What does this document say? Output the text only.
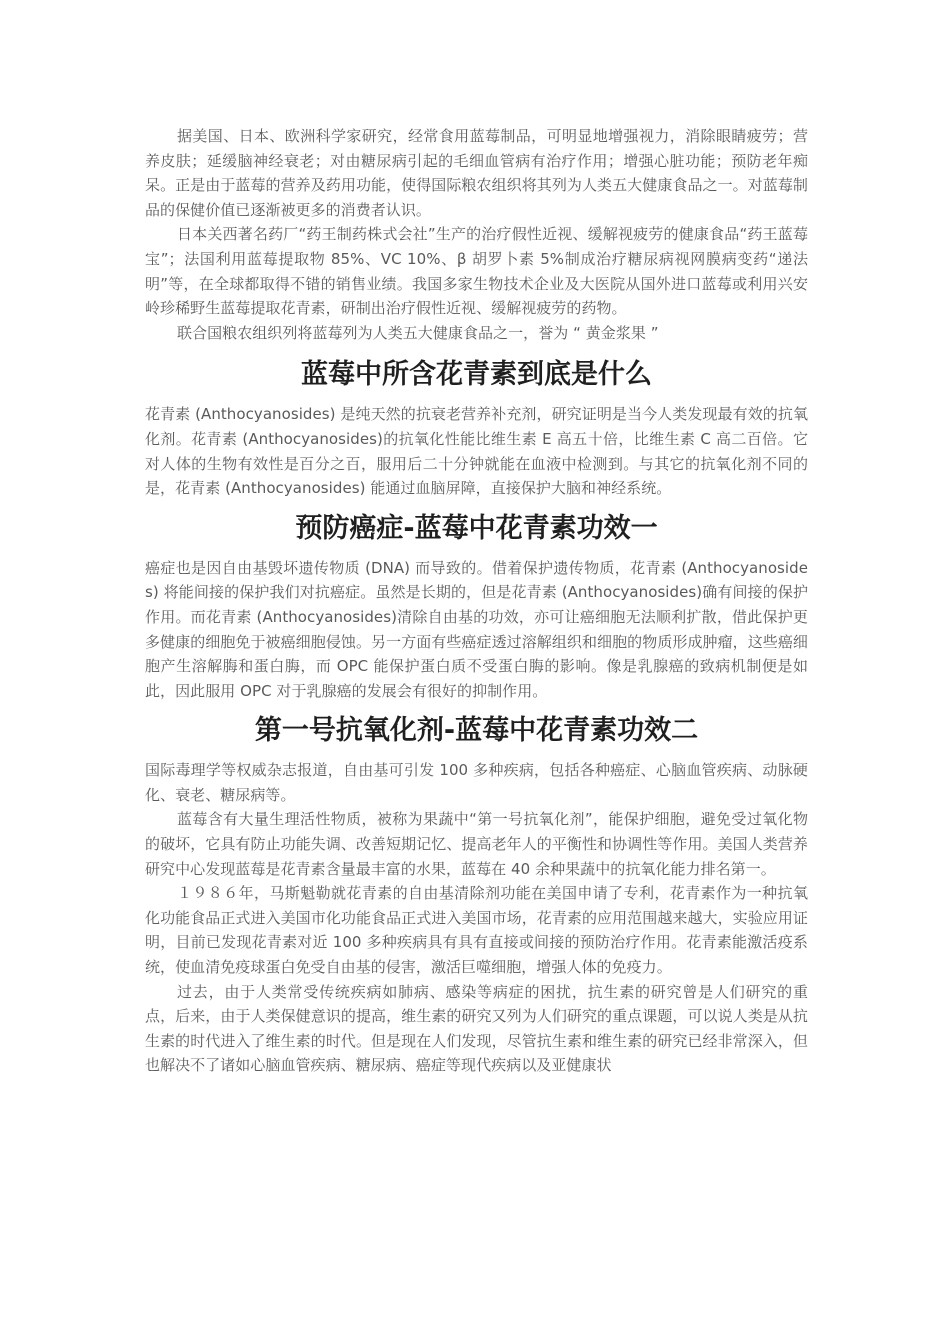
据美国、日本、欧洲科学家研究，经常食用蓝莓制品，可明显地增强视力，消除眼睛疲劳；营养皮肤；延缓脑神经衰老；对由糖尿病引起的毛细血管病有治疗作用；增强心脏功能；预防老年痴呆。正是由于蓝莓的营养及药用功能，使得国际粮农组织将其列为人类五大健康食品之一。对蓝莓制品的保健价值已逐渐被更多的消费者认识。

日本关西著名药厂“药王制药株式会社”生产的治疗假性近视、缓解视疲劳的健康食品“药王蓝莓宝”；法国利用蓝莓提取物 85%、VC 10%、β 胡罗卜素 5%制成治疗糖尿病视网膜病变药“递法明”等，在全球都取得不错的销售业绩。我国多家生物技术企业及大医院从国外进口蓝莓或利用兴安岭珍稀野生蓝莓提取花青素，研制出治疗假性近视、缓解视疲劳的药物。

联合国粮农组织列将蓝莓列为人类五大健康食品之一，誉为 “ 黄金浆果 ”

蓝莓中所含花青素到底是什么

花青素 (Anthocyanosides) 是纯天然的抗衰老营养补充剂，研究证明是当今人类发现最有效的抗氧化剂。花青素 (Anthocyanosides)的抗氧化性能比维生素 E 高五十倍，比维生素 C 高二百倍。它对人体的生物有效性是百分之百，服用后二十分钟就能在血液中检测到。与其它的抗氧化剂不同的是，花青素 (Anthocyanosides) 能通过血脑屏障，直接保护大脑和神经系统。

预防癌症-蓝莓中花青素功效一

癌症也是因自由基毁坏遗传物质 (DNA) 而导致的。借着保护遗传物质，花青素 (Anthocyanosides) 将能间接的保护我们对抗癌症。虽然是长期的，但是花青素 (Anthocyanosides)确有间接的保护作用。而花青素 (Anthocyanosides)清除自由基的功效，亦可让癌细胞无法顺利扩散，借此保护更多健康的细胞免于被癌细胞侵蚀。另一方面有些癌症透过溶解组织和细胞的物质形成肿瘤，这些癌细胞产生溶解脢和蛋白脢，而 OPC 能保护蛋白质不受蛋白脢的影响。像是乳腺癌的致病机制便是如此，因此服用 OPC 对于乳腺癌的发展会有很好的抑制作用。

第一号抗氧化剂-蓝莓中花青素功效二

国际毒理学等权威杂志报道，自由基可引发 100 多种疾病，包括各种癌症、心脑血管疾病、动脉硬化、衰老、糖尿病等。

蓝莓含有大量生理活性物质，被称为果蔬中“第一号抗氧化剂”，能保护细胞，避免受过氧化物的破坏，它具有防止功能失调、改善短期记忆、提高老年人的平衡性和协调性等作用。美国人类营养研究中心发现蓝莓是花青素含量最丰富的水果，蓝莓在 40 余种果蔬中的抗氧化能力排名第一。

１９８６年，马斯魁勒就花青素的自由基清除剂功能在美国申请了专利，花青素作为一种抗氧化功能食品正式进入美国市化功能食品正式进入美国市场，花青素的应用范围越来越大，实验应用证明，目前已发现花青素对近 100 多种疾病具有具有直接或间接的预防治疗作用。花青素能激活疫系统，使血清免疫球蛋白免受自由基的侵害，激活巨噬细胞，增强人体的免疫力。

过去，由于人类常受传统疾病如肺病、感染等病症的困扰，抗生素的研究曾是人们研究的重点，后来，由于人类保健意识的提高，维生素的研究又列为人们研究的重点课题，可以说人类是从抗生素的时代进入了维生素的时代。但是现在人们发现，尽管抗生素和维生素的研究已经非常深入，但也解决不了诸如心脑血管疾病、糖尿病、癌症等现代疾病以及亚健康状
